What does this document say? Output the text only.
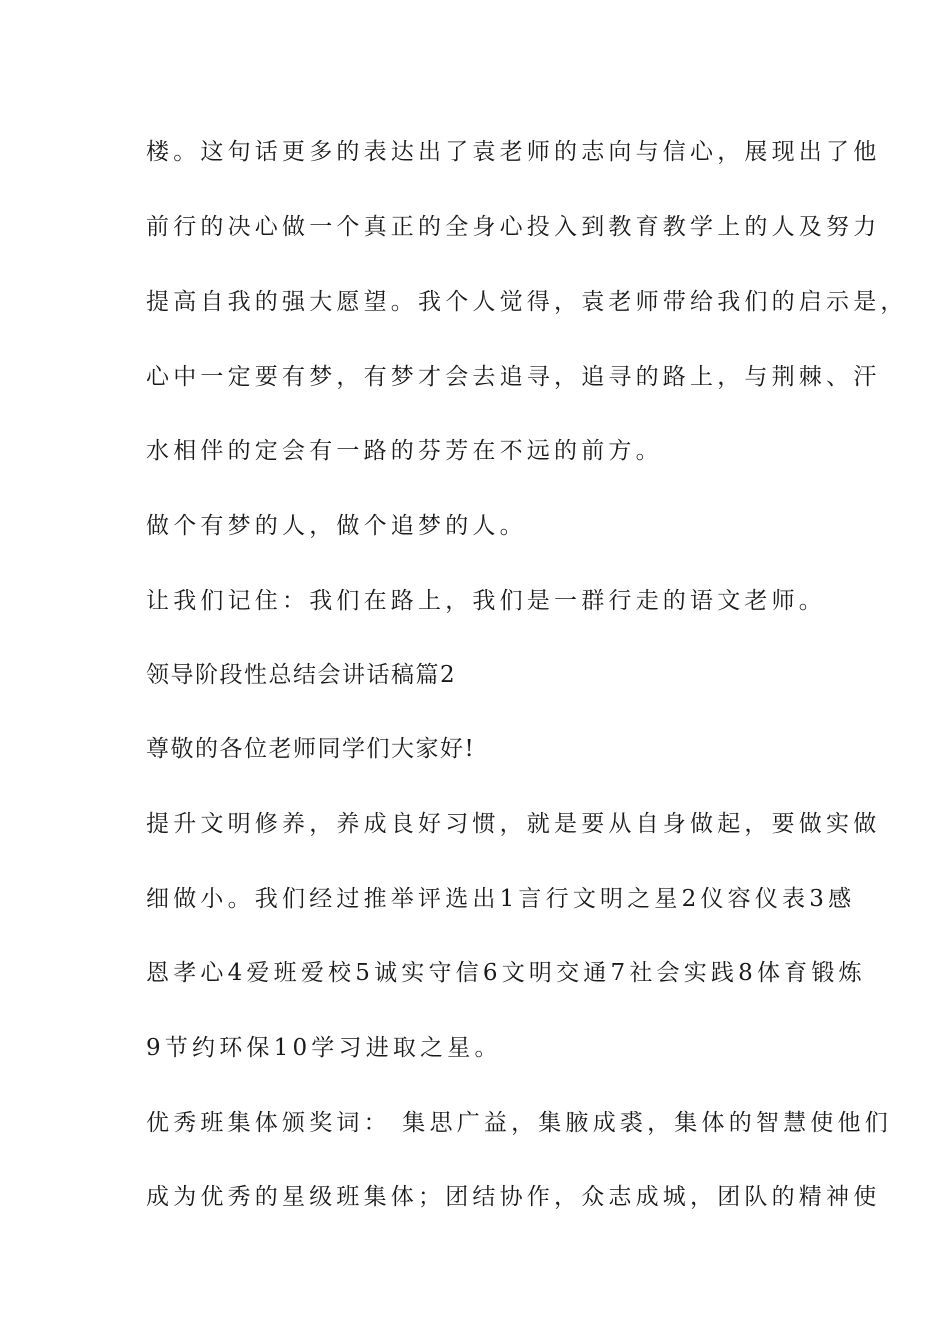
楼。这句话更多的表达出了袁老师的志向与信心，展现出了他
前行的决心做一个真正的全身心投入到教育教学上的人及努力
提高自我的强大愿望。我个人觉得，袁老师带给我们的启示是，
心中一定要有梦，有梦才会去追寻，追寻的路上，与荆棘、汗
水相伴的定会有一路的芬芳在不远的前方。
做个有梦的人，做个追梦的人。
让我们记住：我们在路上，我们是一群行走的语文老师。
领导阶段性总结会讲话稿篇2
尊敬的各位老师同学们大家好!
提升文明修养，养成良好习惯，就是要从自身做起，要做实做
细做小。我们经过推举评选出1言行文明之星2仪容仪表3感
恩孝心4爱班爱校5诚实守信6文明交通7社会实践8体育锻炼
9节约环保10学习进取之星。
优秀班集体颁奖词： 集思广益，集腋成裘，集体的智慧使他们
成为优秀的星级班集体；团结协作，众志成城，团队的精神使
